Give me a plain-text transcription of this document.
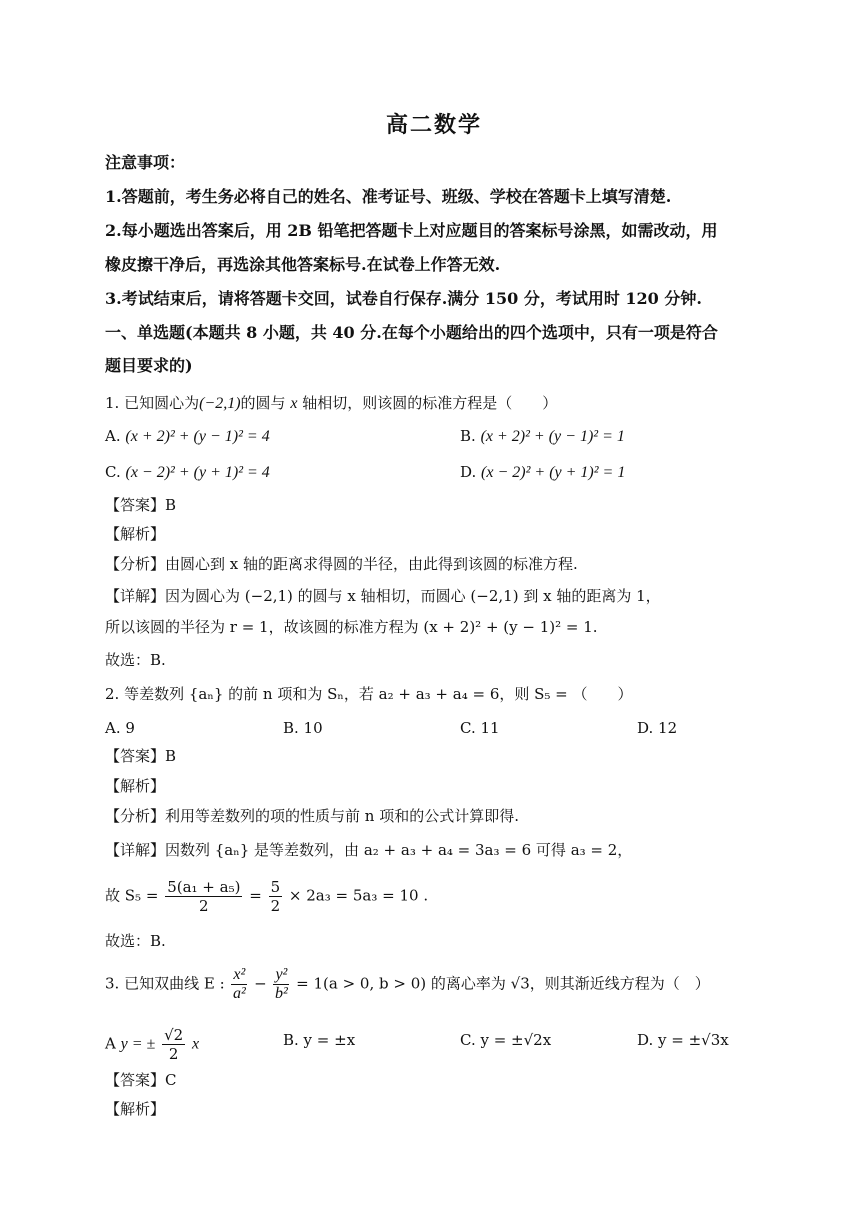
高二数学
注意事项：
1.答题前，考生务必将自己的姓名、准考证号、班级、学校在答题卡上填写清楚.
2.每小题选出答案后，用 2B 铅笔把答题卡上对应题目的答案标号涂黑，如需改动，用
橡皮擦干净后，再选涂其他答案标号.在试卷上作答无效.
3.考试结束后，请将答题卡交回，试卷自行保存.满分 150 分，考试用时 120 分钟.
一、单选题(本题共 8 小题，共 40 分.在每个小题给出的四个选项中，只有一项是符合
题目要求的)
1. 已知圆心为(−2,1)的圆与 x 轴相切，则该圆的标准方程是（　　）
A. (x + 2)² + (y − 1)² = 4	B. (x + 2)² + (y − 1)² = 1
C. (x − 2)² + (y + 1)² = 4	D. (x − 2)² + (y + 1)² = 1
【答案】B
【解析】
【分析】由圆心到 x 轴的距离求得圆的半径，由此得到该圆的标准方程.
【详解】因为圆心为 (−2,1) 的圆与 x 轴相切，而圆心 (−2,1) 到 x 轴的距离为 1，
所以该圆的半径为 r = 1，故该圆的标准方程为 (x + 2)² + (y − 1)² = 1.
故选：B.
2. 等差数列 {aₙ} 的前 n 项和为 Sₙ，若 a₂ + a₃ + a₄ = 6，则 S₅ = （　　）
A. 9	B. 10	C. 11	D. 12
【答案】B
【解析】
【分析】利用等差数列的项的性质与前 n 项和的公式计算即得.
【详解】因数列 {aₙ} 是等差数列，由 a₂ + a₃ + a₄ = 3a₃ = 6 可得 a₃ = 2，
故 $S_5 = \frac{\text{5(a₁ + a₅)}}{2} = \frac{5}{2} \times 2a_3 = 5a_3 = 10$ .
故选：B.
3. 已知双曲线 E : $\frac{\text{x²}}{\text{a²}} - \frac{\text{y²}}{\text{b²}} = 1(a > 0$, b > 0) 的离心率为 √3，则其渐近线方程为（　）
A y = ± $\frac{√2}{2}$ x	B. y = ±x	C. y = ±√2x	D. y = ±√3x
【答案】C
【解析】
